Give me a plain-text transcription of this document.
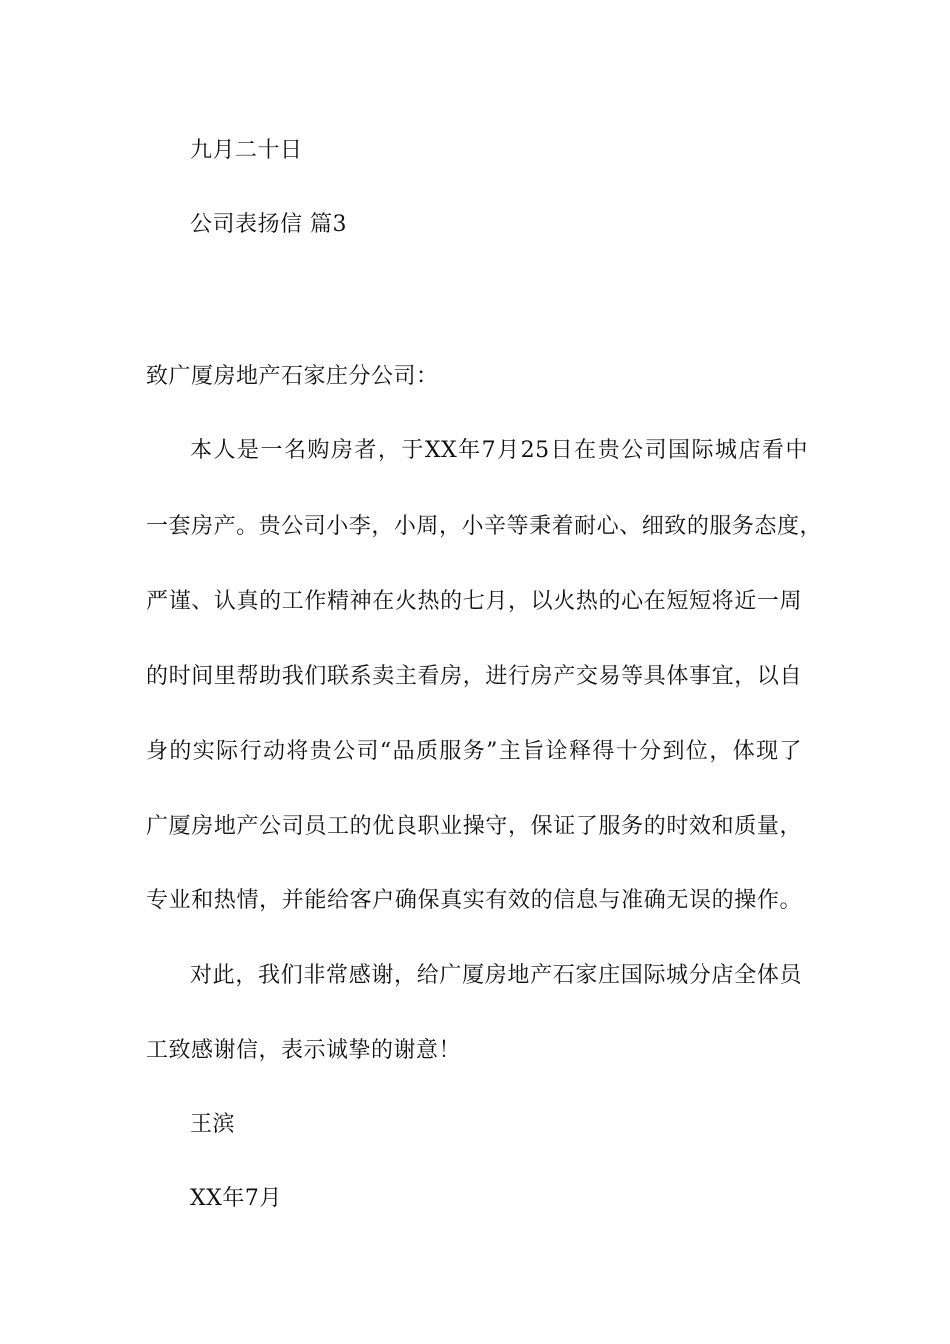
九月二十日
公司表扬信 篇3
致广厦房地产石家庄分公司：
本人是一名购房者，于XX年7月25日在贵公司国际城店看中
一套房产。贵公司小李，小周，小辛等秉着耐心、细致的服务态度，
严谨、认真的工作精神在火热的七月，以火热的心在短短将近一周
的时间里帮助我们联系卖主看房，进行房产交易等具体事宜，以自
身的实际行动将贵公司“品质服务”主旨诠释得十分到位，体现了
广厦房地产公司员工的优良职业操守，保证了服务的时效和质量，
专业和热情，并能给客户确保真实有效的信息与准确无误的操作。
对此，我们非常感谢，给广厦房地产石家庄国际城分店全体员
工致感谢信，表示诚挚的谢意！
王滨
XX年7月
